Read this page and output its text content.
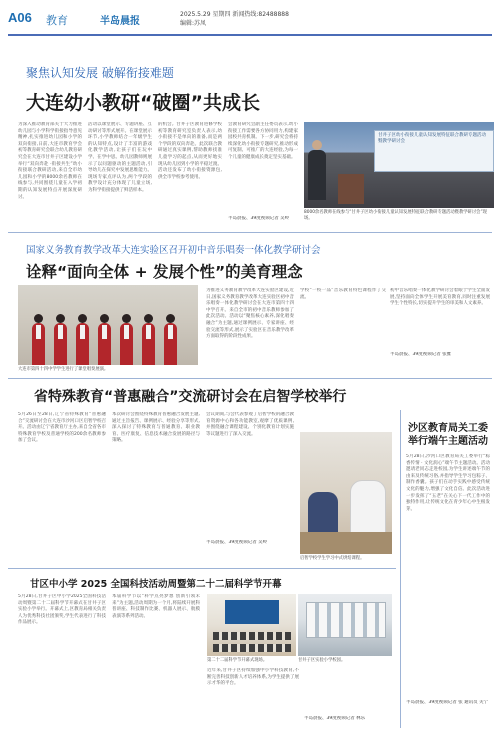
A06 教育	半岛晨报
2025.5.29 星期四 新闻热线:82488888
编辑:苏凤
聚焦认知发展 破解衔接难题
大连幼小教研“破圈”共成长
为深入推动教育部关于大力推进幼儿园与小学科学衔接指导意见精神,扎实推进幼儿园和小学的双向衔接,日前,大连市教育学会初等教育研究会联合幼儿教育研究会在大连市甘井子区建设小学举行“双向奔赴 ·衔接共生”幼小衔接联合教研活动,来自全市幼儿园和小学的8000余名教师在线参与,共同围绕儿童在入学初期的认知发展特点开展深度研讨。
活动以课堂展示、专题讲座、互动研讨等形式展开。在课堂展示环节,小学教师结合一年级学生的认知特点,设计了丰富的游戏化教学活动,让孩子们在玩中学、在学中思。幼儿园教师则展示了以问题驱动的主题活动,引导幼儿在探究中发展思维能力。现场专家点评认为,两个学段的教学设计充分体现了儿童立场,为科学衔接提供了鲜活样本。
的机会。甘井子区教育进修学校初等教育研究室负责人表示,幼小衔接不是单向的准备,而是两个学段的双向奔赴。此次联合教研通过真实课例,帮助教师找准儿童学习的起点,从而更好地实现从幼儿园到小学的平稳过渡。活动还发布了幼小衔接资源包,供全市学校参考使用。
会教育研究会副主任委员表示,幼小衔接工作需要各方协同用力,构建家园校共育机制。下一步,研究会将持续深化幼小衔接专题研究,推动形成可复制、可推广的大连经验,为每一个儿童的健康成长奠定坚实基础。
半岛晨报、39度视频记者 吴岭
甘井子区幼小衔接儿童认知发展特征联合教研专题活动暨教学研讨会
8000余名教师在线参与“甘井子区幼小衔接儿童认知发展特征联合教研专题活动暨教学研讨会”现场。
国家义务教育教学改革大连实验区召开初中音乐唱奏一体化教学研讨会
诠释“面向全体 + 发展个性”的美育理念
大连市第四十四中学学生进行了课堂唱奏展演。
为推进义务教育教学改革大连实验区建设,近日,国家义务教育教学改革大连实验区初中音乐唱奏一体化教学研讨会在大连市第四十四中学召开。来自全市的初中音乐教师参加了此次活动。活动以“聚焦核心素养,深化唱奏融合”为主题,通过课例展示、专家讲座、经验交流等形式,展示了实验区在音乐教学改革方面取得的阶段性成果。
学校“一校一品”音乐教育特色课程作了交流。
初中音乐唱奏一体化教学研讨会着眼于学生全面发展,坚持面向全体学生开展美育教育,同时注重发展学生个性特长,切实提升学生的审美和人文素养。
半岛晨报、39度视频记者 张雅
省特殊教育“普惠融合”交流研讨会在启智学校举行
5月26日至28日,辽宁省特殊教育“普惠融合”交流研讨会在大连市沙河口区启智学校召开。活动由辽宁省教育厅主办,来自全省各市特殊教育学校及普通学校的200余名教师参加了会议。
本次研讨会围绕特殊教育普惠融合发展主题,通过主旨报告、课例展示、经验分享等形式,深入探讨了特殊教育与普通教育、职业教育、医疗康复、信息技术融合发展的路径与策略。
会议期间,与会代表参观了启智学校的融合教育资源中心和各功能教室,观摩了优质课例,并围绕融合课程建设、个别化教育计划实施等议题进行了深入交流。
半岛晨报、39度视频记者 吴岭
启智学校学生学习中式烘焙课程。
沙区教育局关工委举行端午主题活动
5月28日,沙河口区教育局关工委举行“粽香传情 · 文化润心”端午节主题活动。活动邀请老同志走进校园,为学生讲述端午节的由来及传统习俗,并指导学生学习包粽子、制作香囊。孩子们在动手实践中感受传统文化的魅力,增强了文化自信。此次活动进一步发挥了“五老”在关心下一代工作中的独特作用,让传统文化在青少年心中生根发芽。
半岛晨报、39度视频记者 张 通讯员 关宁
甘区中小学 2025 全国科技活动周暨第二十二届科学节开幕
5月28日,甘井子区中小学2025全国科技活动周暨第二十二届科学节开幕式在甘井子区实验小学举行。开幕式上,区教育局相关负责人为优秀科技社团颁奖,学生代表进行了科技作品展示。
本届科学节以“科学点亮梦想 创新引领未来”为主题,活动周期为一个月,将陆续开展科普讲座、科技制作比赛、机器人展示、航模表演等系列活动。
第二十二届科学节开幕式现场。	甘井子区实验小学校园。
近年来,甘井子区持续加强中小学科技教育,不断完善科技创新人才培养体系,为学生提供了展示才华的平台。
半岛晨报、39度视频记者 林乐
